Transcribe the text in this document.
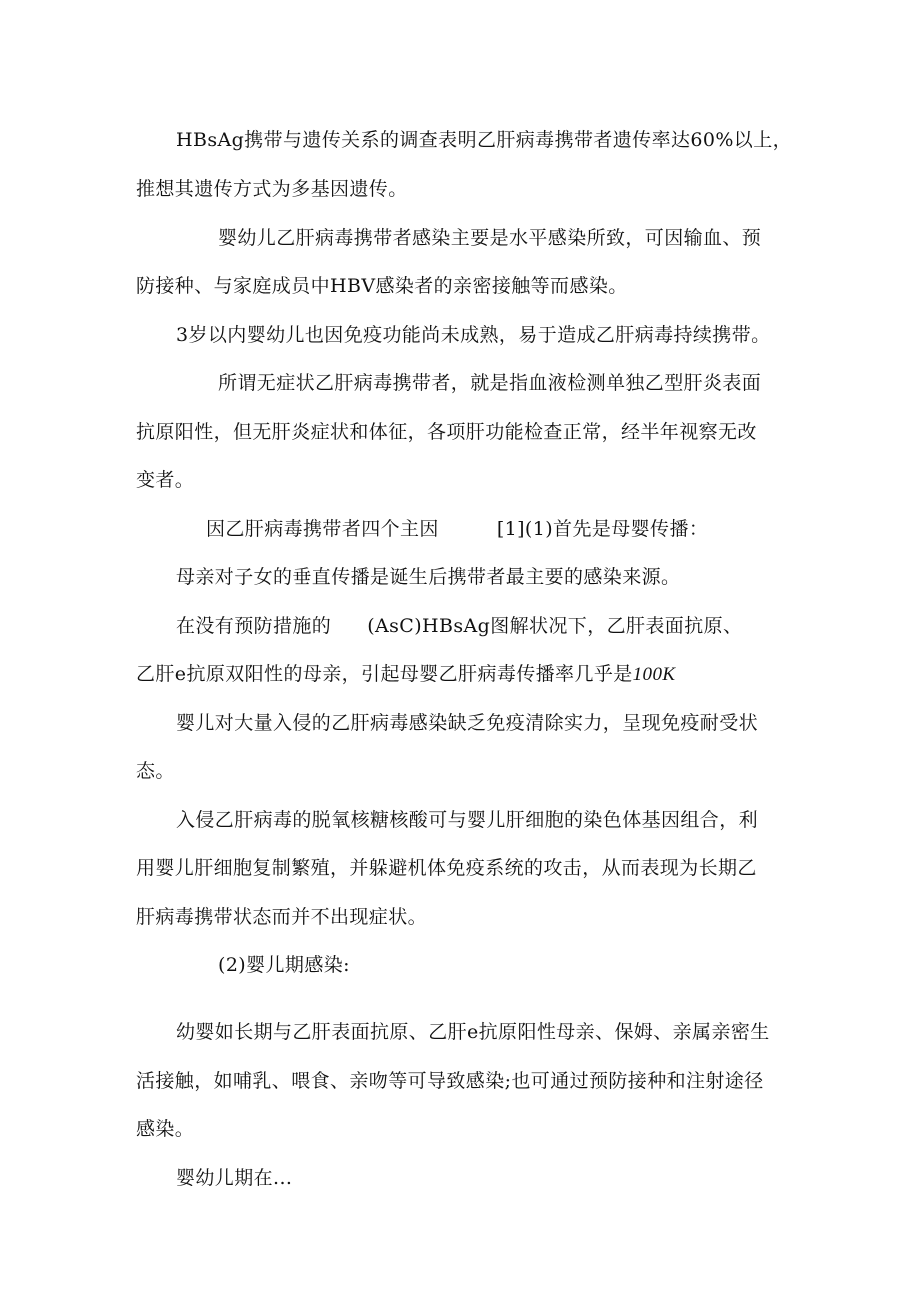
HBsAg携带与遗传关系的调查表明乙肝病毒携带者遗传率达60%以上，
推想其遗传方式为多基因遗传。
婴幼儿乙肝病毒携带者感染主要是水平感染所致，可因输血、预
防接种、与家庭成员中HBV感染者的亲密接触等而感染。
3岁以内婴幼儿也因免疫功能尚未成熟，易于造成乙肝病毒持续携带。
所谓无症状乙肝病毒携带者，就是指血液检测单独乙型肝炎表面
抗原阳性，但无肝炎症状和体征，各项肝功能检查正常，经半年视察无改
变者。
因乙肝病毒携带者四个主因	[1](1)首先是母婴传播：
母亲对子女的垂直传播是诞生后携带者最主要的感染来源。
在没有预防措施的 (AsC)HBsAg图解状况下，乙肝表面抗原、
乙肝e抗原双阳性的母亲，引起母婴乙肝病毒传播率几乎是100K
婴儿对大量入侵的乙肝病毒感染缺乏免疫清除实力，呈现免疫耐受状
态。
入侵乙肝病毒的脱氧核糖核酸可与婴儿肝细胞的染色体基因组合，利
用婴儿肝细胞复制繁殖，并躲避机体免疫系统的攻击，从而表现为长期乙
肝病毒携带状态而并不出现症状。
(2)婴儿期感染:
幼婴如长期与乙肝表面抗原、乙肝e抗原阳性母亲、保姆、亲属亲密生
活接触，如哺乳、喂食、亲吻等可导致感染;也可通过预防接种和注射途径
感染。
婴幼儿期在...
